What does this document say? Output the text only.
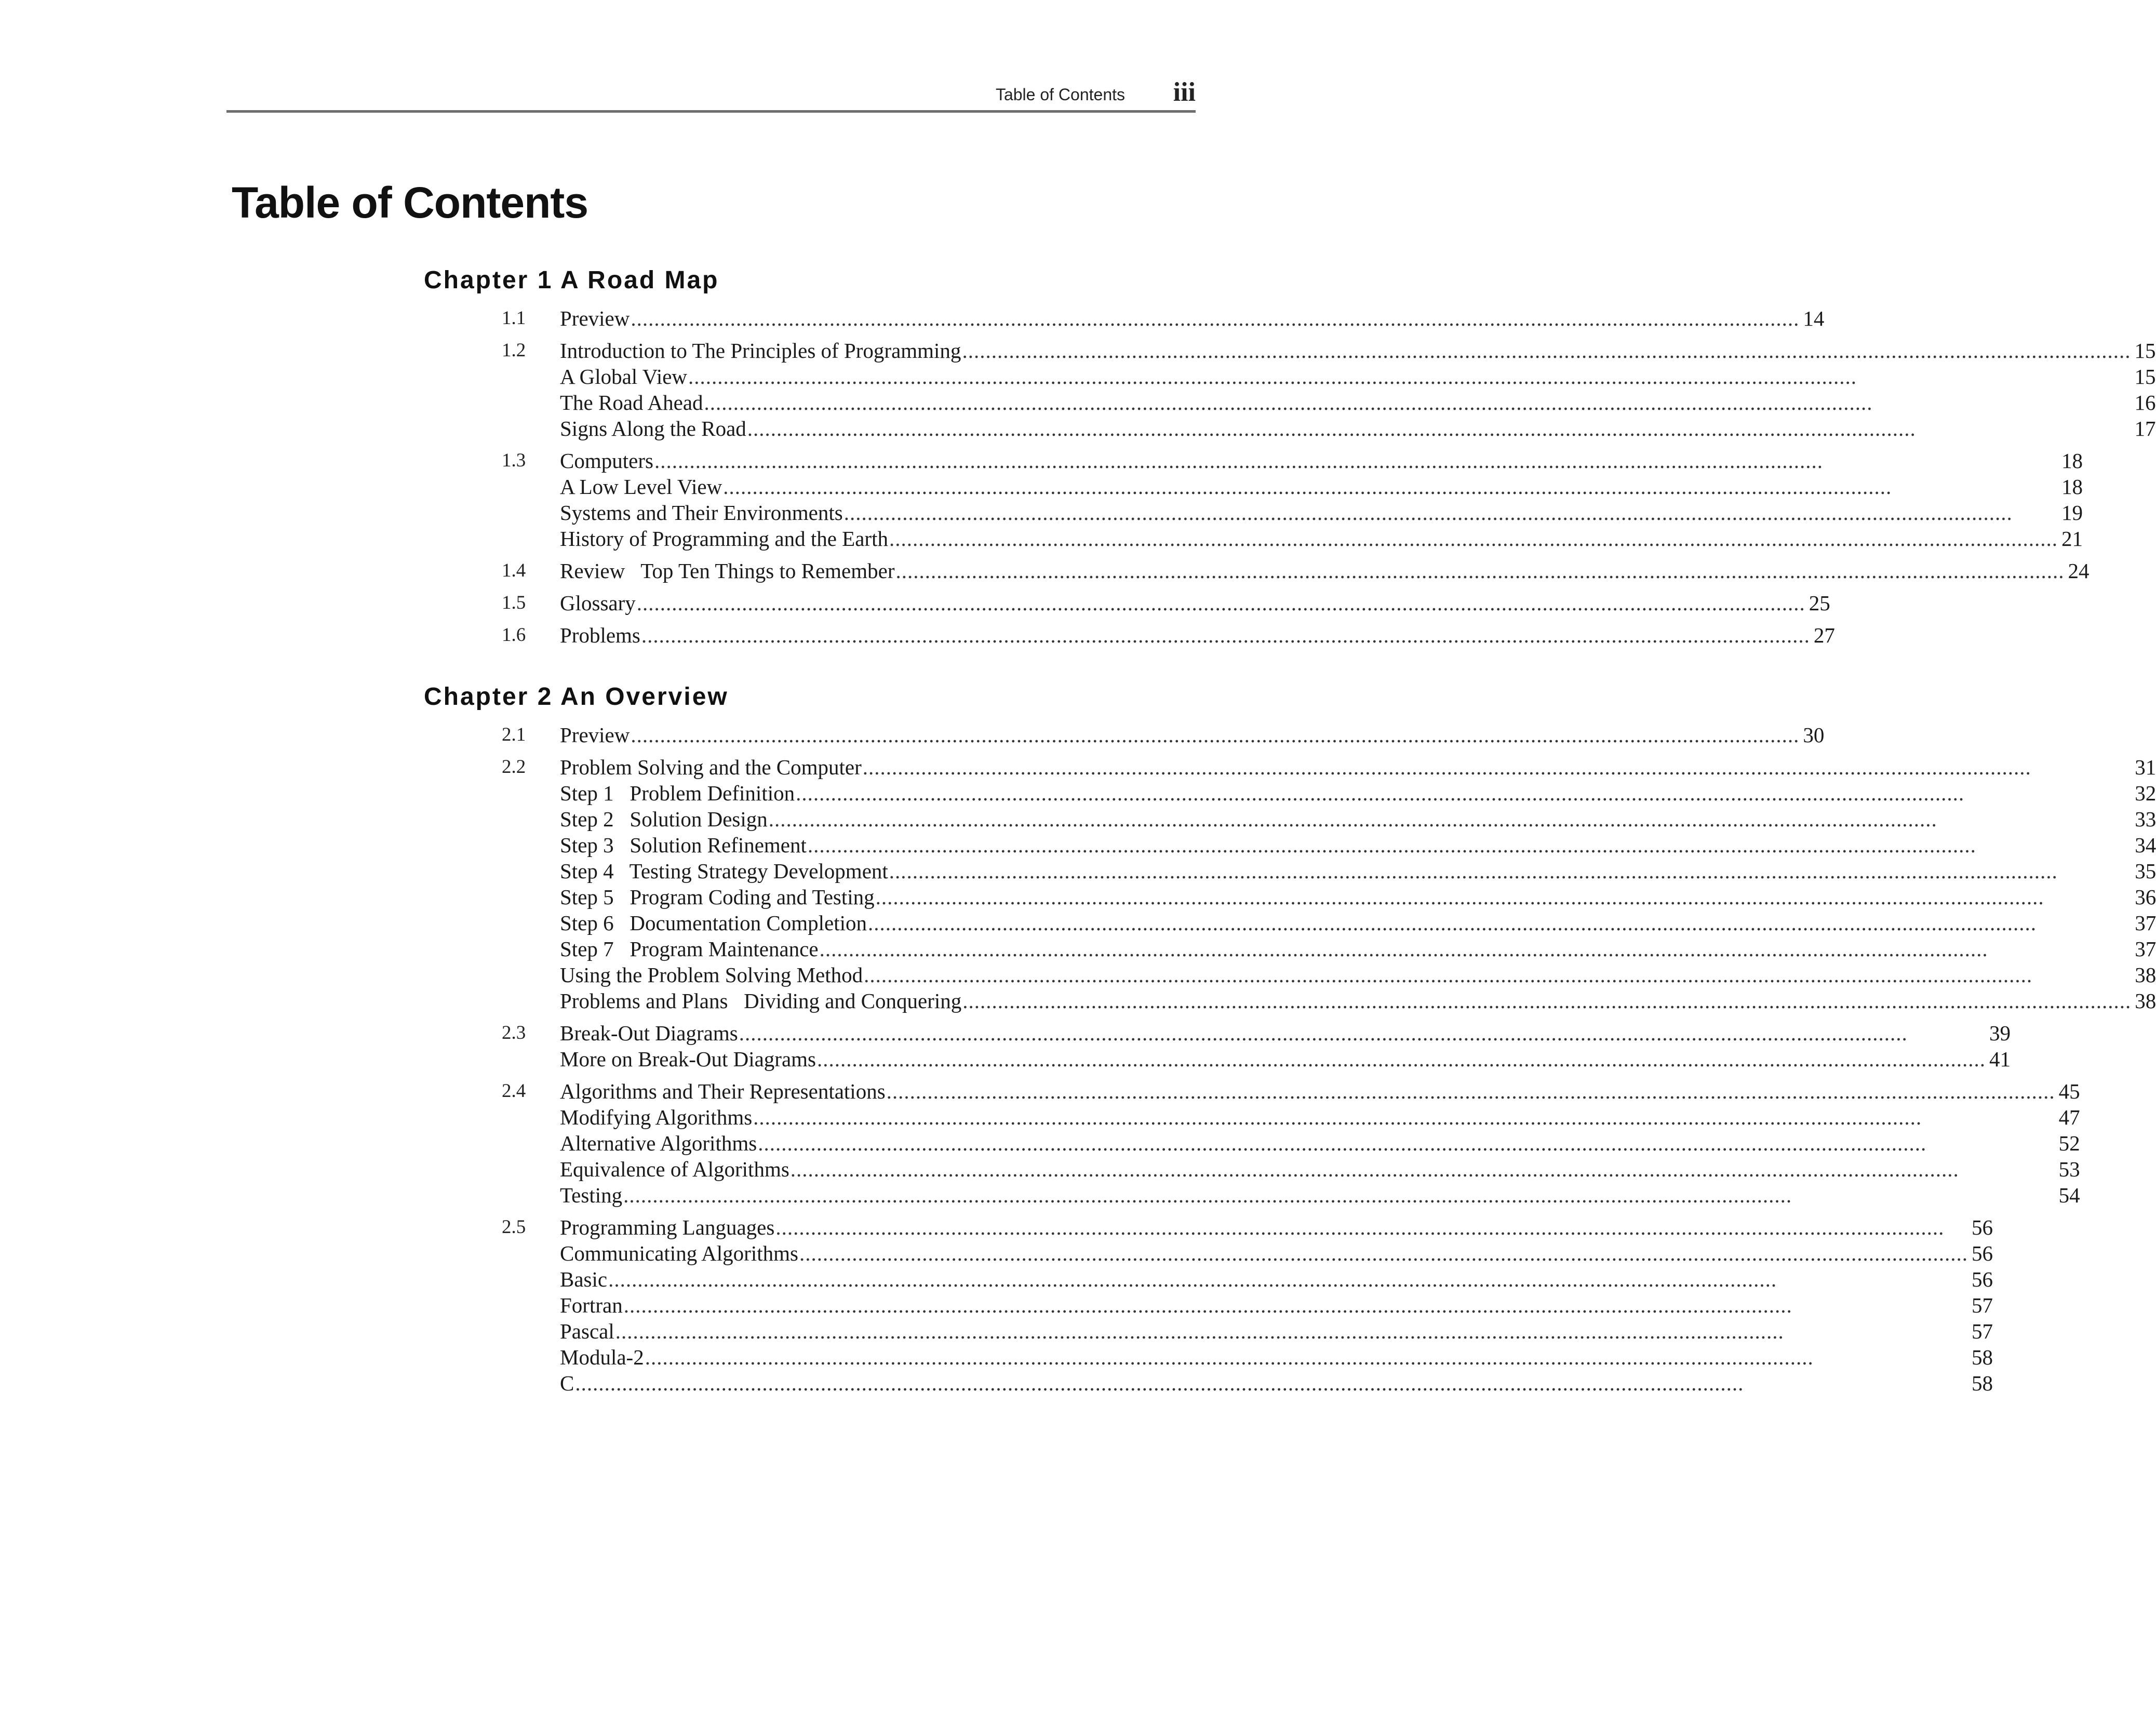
Table of Contents iii
Table of Contents
Chapter 1 A Road Map
1.1	Preview .....	14
1.2	Introduction to The Principles of Programming .....	15
A Global View .....	15
The Road Ahead .....	16
Signs Along the Road .....	17
1.3	Computers .....	18
A Low Level View .....	18
Systems and Their Environments .....	19
History of Programming and the Earth .....	21
1.4	Review   Top Ten Things to Remember .....	24
1.5	Glossary .....	25
1.6	Problems .....	27
Chapter 2 An Overview
2.1	Preview .....	30
2.2	Problem Solving and the Computer .....	31
Step 1   Problem Definition .....	32
Step 2   Solution Design .....	33
Step 3   Solution Refinement .....	34
Step 4   Testing Strategy Development .....	35
Step 5   Program Coding and Testing .....	36
Step 6   Documentation Completion .....	37
Step 7   Program Maintenance .....	37
Using the Problem Solving Method .....	38
Problems and Plans   Dividing and Conquering .....	38
2.3	Break-Out Diagrams .....	39
More on Break-Out Diagrams .....	41
2.4	Algorithms and Their Representations .....	45
Modifying Algorithms .....	47
Alternative Algorithms .....	52
Equivalence of Algorithms .....	53
Testing .....	54
2.5	Programming Languages .....	56
Communicating Algorithms .....	56
Basic .....	56
Fortran .....	57
Pascal .....	57
Modula-2 .....	58
C .....	58
